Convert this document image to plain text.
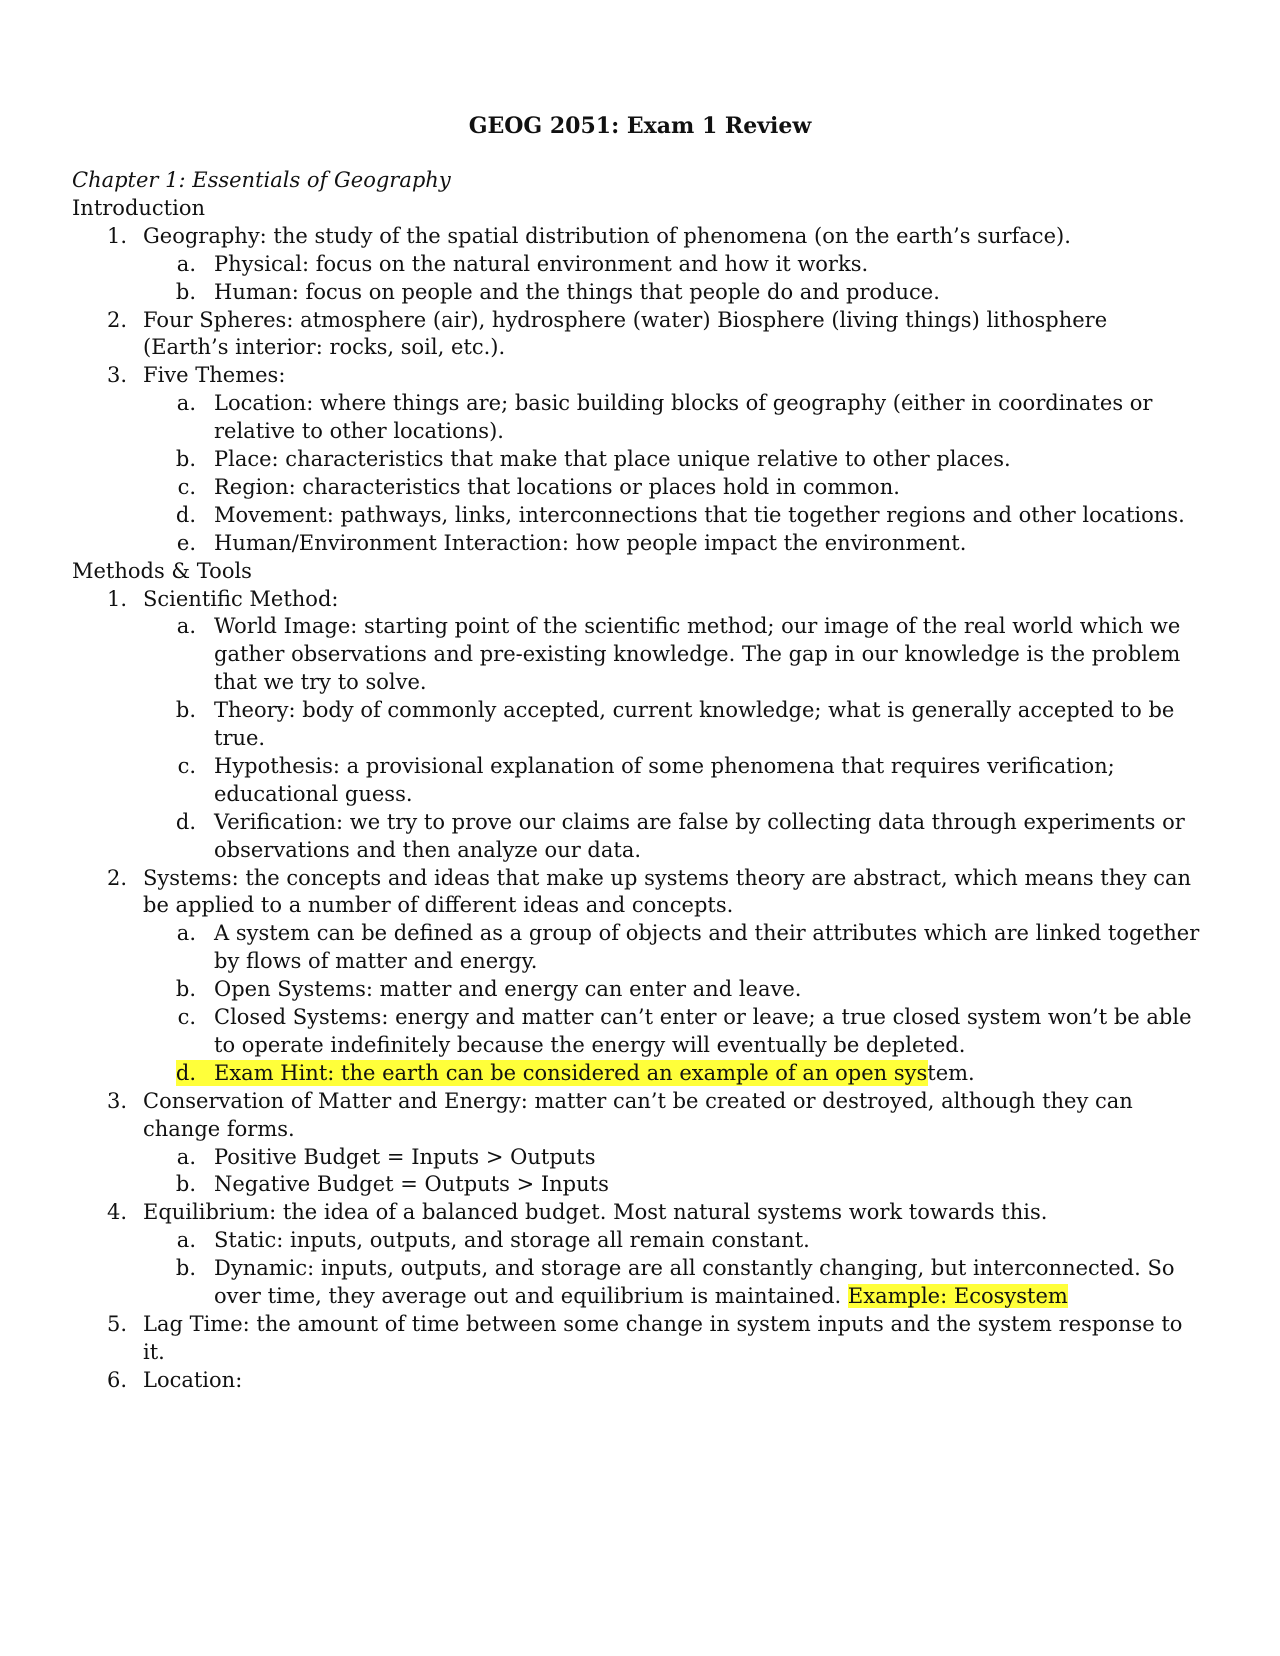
GEOG 2051: Exam 1 Review
Chapter 1: Essentials of Geography
Introduction
1. Geography: the study of the spatial distribution of phenomena (on the earth’s surface).
a. Physical: focus on the natural environment and how it works.
b. Human: focus on people and the things that people do and produce.
2. Four Spheres: atmosphere (air), hydrosphere (water) Biosphere (living things) lithosphere
(Earth’s interior: rocks, soil, etc.).
3. Five Themes:
a. Location: where things are; basic building blocks of geography (either in coordinates or
relative to other locations).
b. Place: characteristics that make that place unique relative to other places.
c. Region: characteristics that locations or places hold in common.
d. Movement: pathways, links, interconnections that tie together regions and other locations.
e. Human/Environment Interaction: how people impact the environment.
Methods & Tools
1. Scientific Method:
a. World Image: starting point of the scientific method; our image of the real world which we
gather observations and pre-existing knowledge. The gap in our knowledge is the problem
that we try to solve.
b. Theory: body of commonly accepted, current knowledge; what is generally accepted to be
true.
c. Hypothesis: a provisional explanation of some phenomena that requires verification;
educational guess.
d. Verification: we try to prove our claims are false by collecting data through experiments or
observations and then analyze our data.
2. Systems: the concepts and ideas that make up systems theory are abstract, which means they can
be applied to a number of different ideas and concepts.
a. A system can be defined as a group of objects and their attributes which are linked together
by flows of matter and energy.
b. Open Systems: matter and energy can enter and leave.
c. Closed Systems: energy and matter can’t enter or leave; a true closed system won’t be able
to operate indefinitely because the energy will eventually be depleted.
d. Exam Hint: the earth can be considered an example of an open system.
3. Conservation of Matter and Energy: matter can’t be created or destroyed, although they can
change forms.
a. Positive Budget = Inputs > Outputs
b. Negative Budget = Outputs > Inputs
4. Equilibrium: the idea of a balanced budget. Most natural systems work towards this.
a. Static: inputs, outputs, and storage all remain constant.
b. Dynamic: inputs, outputs, and storage are all constantly changing, but interconnected. So
over time, they average out and equilibrium is maintained. Example: Ecosystem
5. Lag Time: the amount of time between some change in system inputs and the system response to
it.
6. Location:
